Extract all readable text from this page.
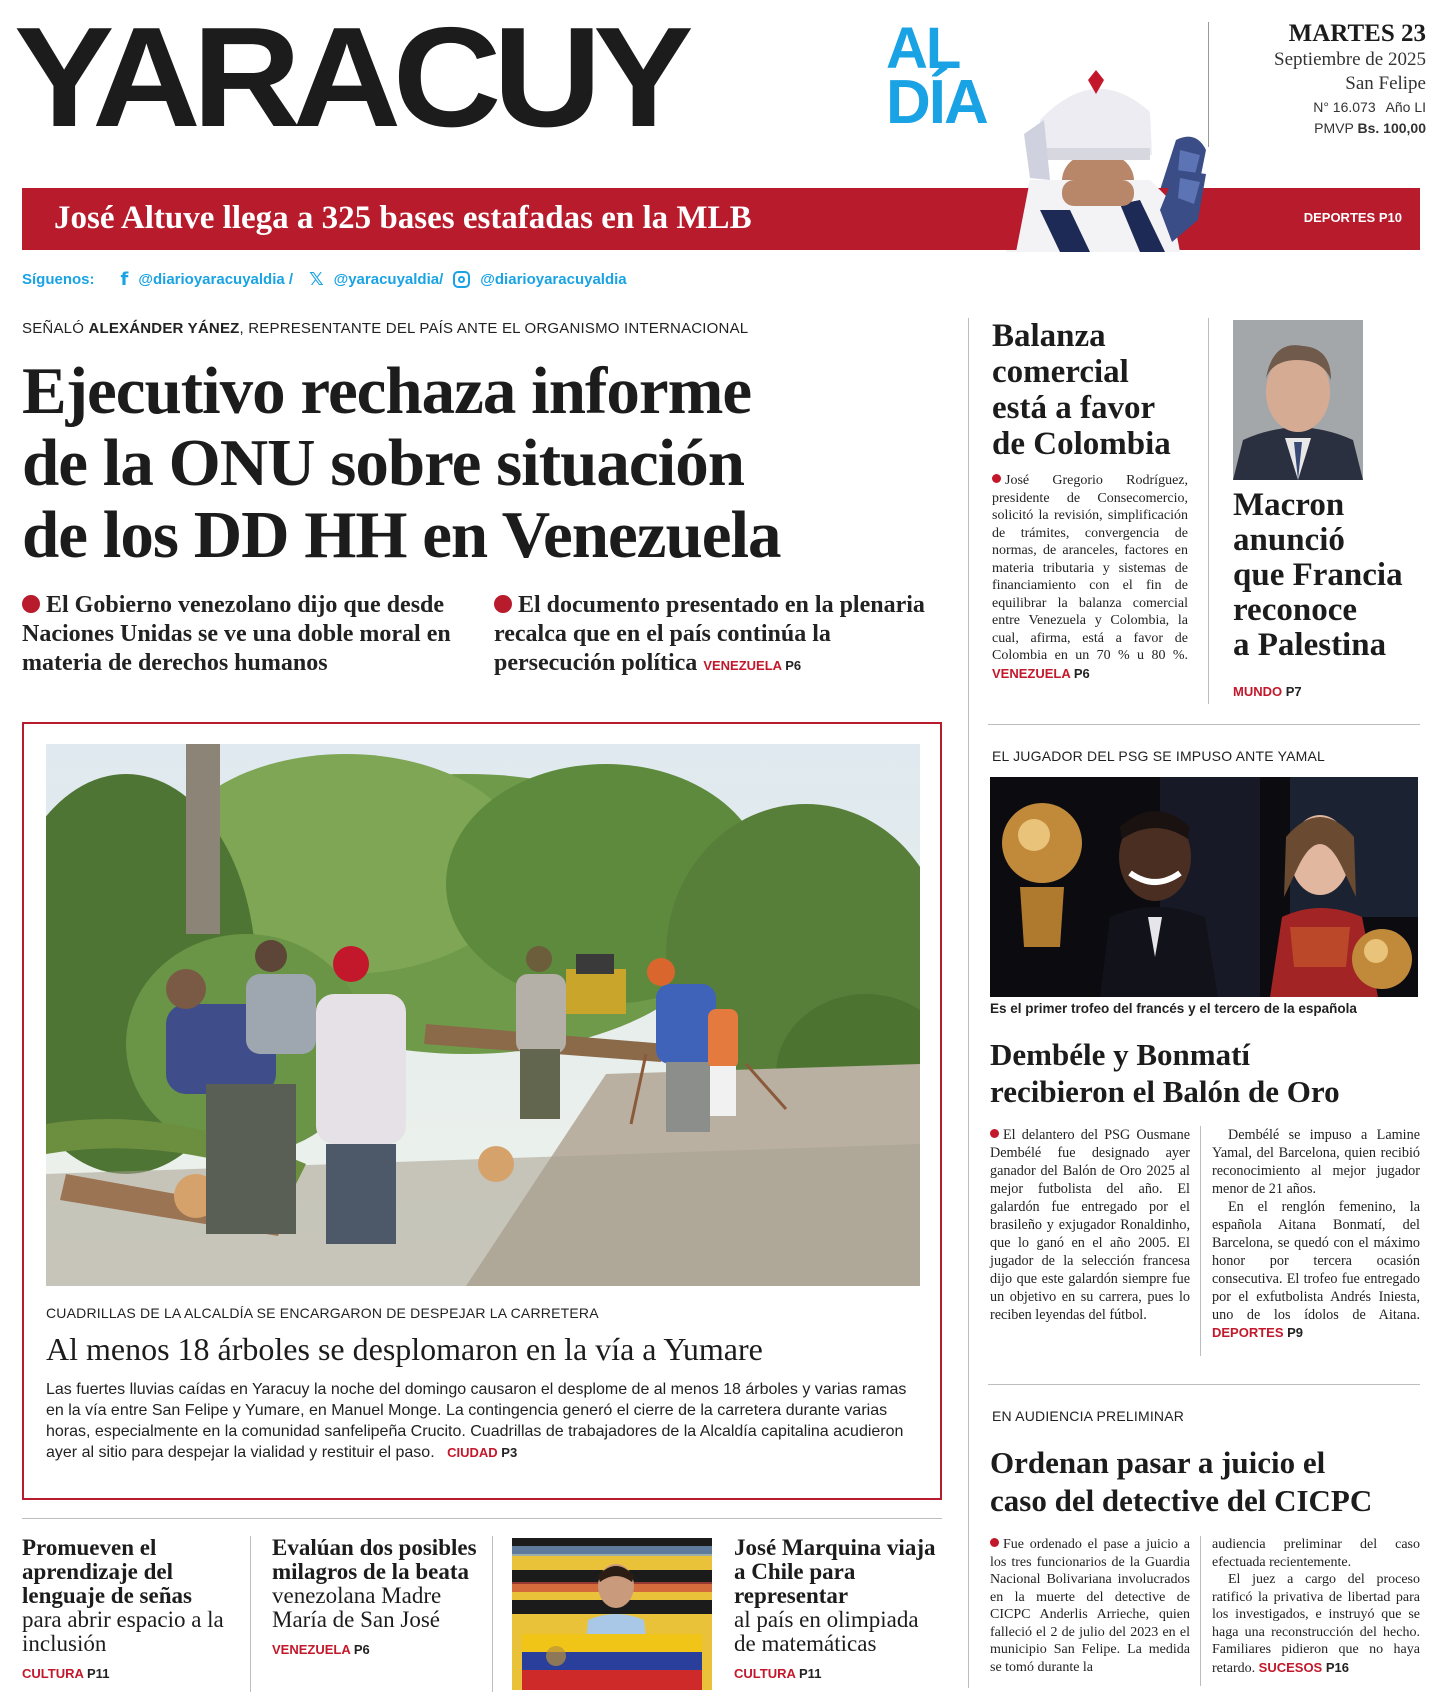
YARACUY	AL
DÍA
MARTES 23
Septiembre de 2025
San Felipe
N° 16.073 Año LI
PMVP Bs. 100,00
José Altuve llega a 325 bases estafadas en la MLB	DEPORTES P10
Síguenos: f @diarioyaracuyaldia / 𝕏 @yaracuyaldia/ @diarioyaracuyaldia
SEÑALÓ ALEXÁNDER YÁNEZ, REPRESENTANTE DEL PAÍS ANTE EL ORGANISMO INTERNACIONAL
Ejecutivo rechaza informe
de la ONU sobre situación
de los DD HH en Venezuela
El Gobierno venezolano dijo que desde Naciones Unidas se ve una doble moral en materia de derechos humanos
El documento presentado en la plenaria recalca que en el país continúa la persecución política VENEZUELA P6
CUADRILLAS DE LA ALCALDÍA SE ENCARGARON DE DESPEJAR LA CARRETERA
Al menos 18 árboles se desplomaron en la vía a Yumare
Las fuertes lluvias caídas en Yaracuy la noche del domingo causaron el desplome de al menos 18 árboles y varias ramas en la vía entre San Felipe y Yumare, en Manuel Monge. La contingencia generó el cierre de la carretera durante varias horas, especialmente en la comunidad sanfelipeña Crucito. Cuadrillas de trabajadores de la Alcaldía capitalina acudieron ayer al sitio para despejar la vialidad y restituir el paso. CIUDAD P3
Balanza
comercial
está a favor
de Colombia
José Gregorio Rodríguez, presidente de Consecomercio, solicitó la revisión, simplificación de trámites, convergencia de normas, de aranceles, factores en materia tributaria y sistemas de financiamiento con el fin de equilibrar la balanza comercial entre Venezuela y Colombia, la cual, afirma, está a favor de Colombia en un 70 % u 80 %. VENEZUELA P6
Macron
anunció
que Francia
reconoce
a Palestina
MUNDO P7
EL JUGADOR DEL PSG SE IMPUSO ANTE YAMAL
Es el primer trofeo del francés y el tercero de la española
Dembéle y Bonmatí
recibieron el Balón de Oro
El delantero del PSG Ousmane Dembélé fue designado ayer ganador del Balón de Oro 2025 al mejor futbolista del año. El galardón fue entregado por el brasileño y exjugador Ronaldinho, que lo ganó en el año 2005. El jugador de la selección francesa dijo que este galardón siempre fue un objetivo en su carrera, pues lo reciben leyendas del fútbol.
Dembélé se impuso a Lamine Yamal, del Barcelona, quien recibió reconocimiento al mejor jugador menor de 21 años.
En el renglón femenino, la española Aitana Bonmatí, del Barcelona, se quedó con el máximo honor por tercera ocasión consecutiva. El trofeo fue entregado por el exfutbolista Andrés Iniesta, uno de los ídolos de Aitana. DEPORTES P9
EN AUDIENCIA PRELIMINAR
Ordenan pasar a juicio el
caso del detective del CICPC
Fue ordenado el pase a juicio a los tres funcionarios de la Guardia Nacional Bolivariana involucrados en la muerte del detective de CICPC Anderlis Arrieche, quien falleció el 2 de julio del 2023 en el municipio San Felipe. La medida se tomó durante la
audiencia preliminar del caso efectuada recientemente.
El juez a cargo del proceso ratificó la privativa de libertad para los investigados, e instruyó que se haga una reconstrucción del hecho. Familiares pidieron que no haya retardo. SUCESOS P16
Promueven el aprendizaje del lenguaje de señas
para abrir espacio a la inclusión
CULTURA P11
Evalúan dos posibles milagros de la beata
venezolana Madre María de San José
VENEZUELA P6
José Marquina viaja a Chile para representar
al país en olimpiada de matemáticas
CULTURA P11
